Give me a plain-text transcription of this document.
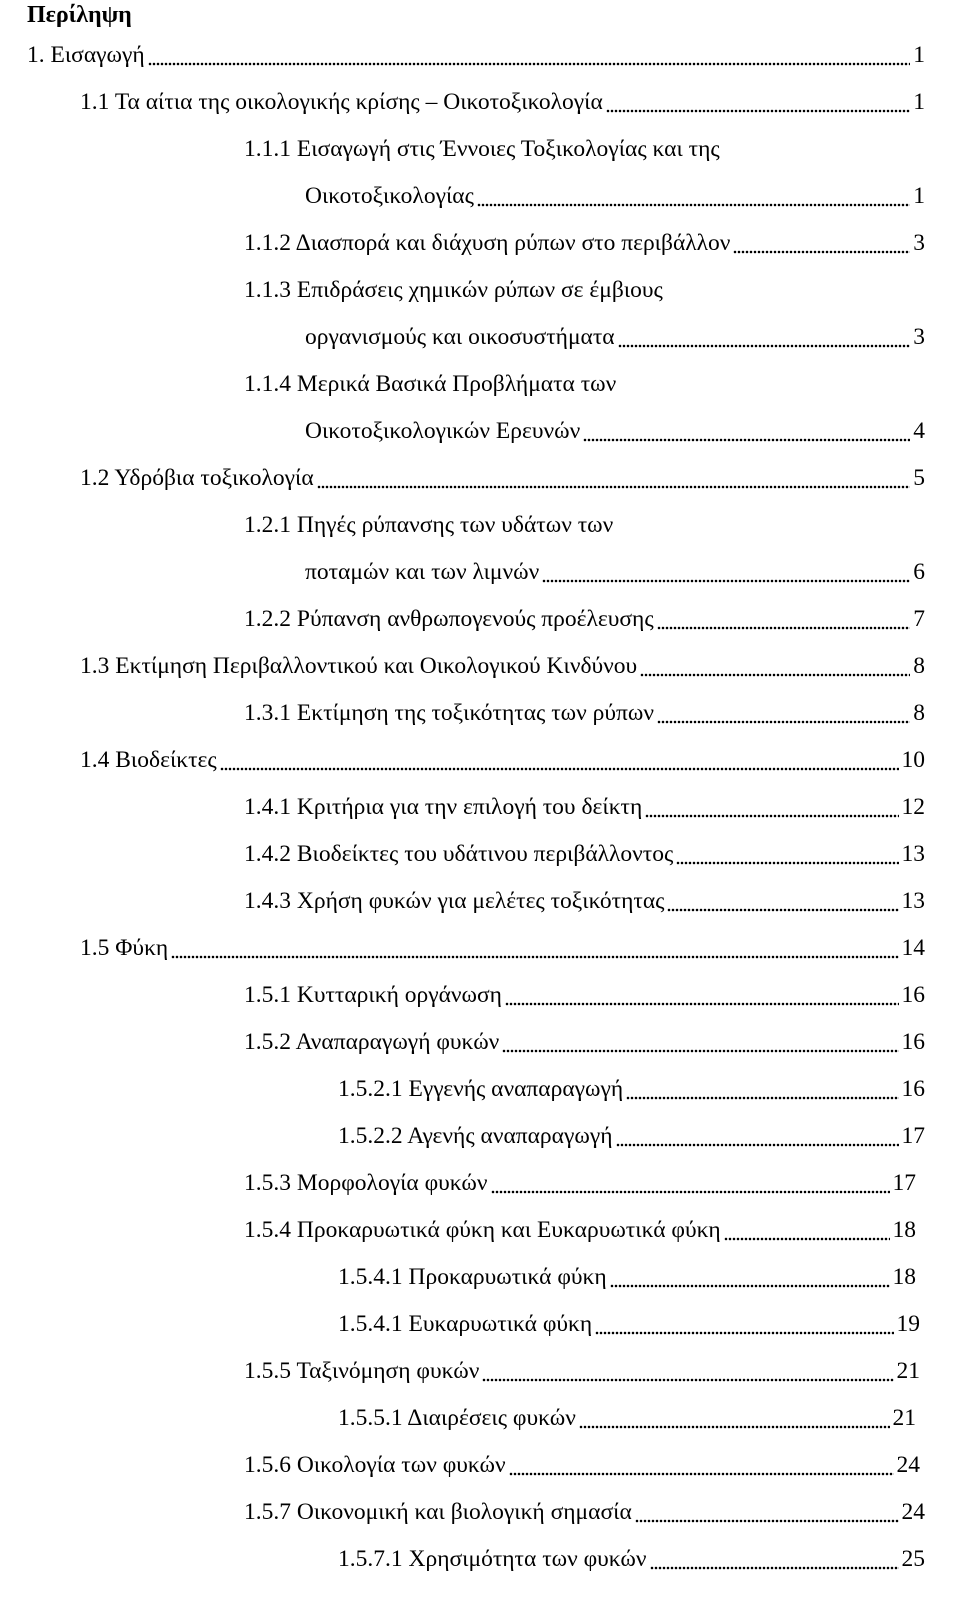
Περίληψη
1. Εισαγωγή	1
1.1 Τα αίτια της οικολογικής κρίσης – Οικοτοξικολογία	1
1.1.1 Εισαγωγή στις Έννοιες Τοξικολογίας και της
Οικοτοξικολογίας	1
1.1.2 Διασπορά και διάχυση ρύπων στο περιβάλλον	3
1.1.3 Επιδράσεις χημικών ρύπων σε έμβιους
οργανισμούς και οικοσυστήματα	3
1.1.4 Μερικά Βασικά Προβλήματα των
Οικοτοξικολογικών Ερευνών	4
1.2 Υδρόβια τοξικολογία	5
1.2.1 Πηγές ρύπανσης των υδάτων των
ποταμών και των λιμνών	6
1.2.2 Ρύπανση ανθρωπογενούς προέλευσης	7
1.3 Εκτίμηση Περιβαλλοντικού και Οικολογικού Κινδύνου	8
1.3.1 Εκτίμηση της τοξικότητας των ρύπων	8
1.4 Βιοδείκτες	10
1.4.1 Κριτήρια για την επιλογή του δείκτη	12
1.4.2 Βιοδείκτες του υδάτινου περιβάλλοντος	13
1.4.3 Χρήση φυκών για μελέτες τοξικότητας	13
1.5 Φύκη	14
1.5.1 Κυτταρική οργάνωση	16
1.5.2 Αναπαραγωγή φυκών	16
1.5.2.1 Εγγενής αναπαραγωγή	16
1.5.2.2 Αγενής αναπαραγωγή	17
1.5.3 Μορφολογία φυκών	17
1.5.4 Προκαρυωτικά φύκη και Ευκαρυωτικά φύκη	18
1.5.4.1 Προκαρυωτικά φύκη	18
1.5.4.1 Ευκαρυωτικά φύκη	19
1.5.5 Ταξινόμηση φυκών	21
1.5.5.1 Διαιρέσεις φυκών	21
1.5.6 Οικολογία των φυκών	24
1.5.7 Οικονομική και βιολογική σημασία	24
1.5.7.1 Χρησιμότητα των φυκών	25
